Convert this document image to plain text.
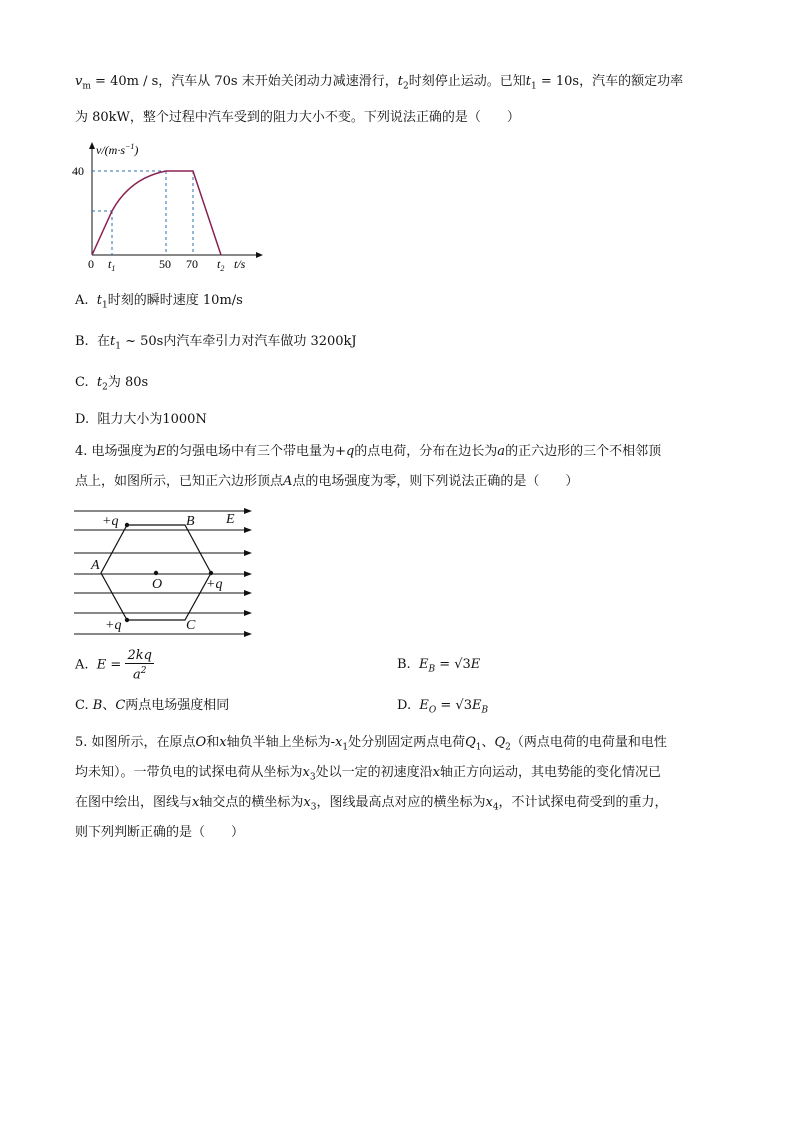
$v_m = 40m / s$，汽车从 70s 末开始关闭动力减速滑行，$t_2$时刻停止运动。已知$t_1 = 10s$，汽车的额定功率
为 80kW，整个过程中汽车受到的阻力大小不变。下列说法正确的是（　　）
$v/(m\cdot s^{-1})$
40
0 $t_1$	50 70 $t_2$ t/s
A. $t_1$时刻的瞬时速度 10m/s
B. 在$t_1$ ~ 50s内汽车牵引力对汽车做功 3200kJ
C. $t_2$为 80s
D. 阻力大小为1000N
4. 电场强度为E的匀强电场中有三个带电量为+q的点电荷，分布在边长为a的正六边形的三个不相邻顶
点上，如图所示，已知正六边形顶点A点的电场强度为零，则下列说法正确的是（　　）
+q	B E
A
O	+q
+q	C
A. $E = \frac{2kq}{a^2}$	B. $E_B = √3E$
C. B、C两点电场强度相同	D. $E_O = √3E_B$
5. 如图所示，在原点O和x轴负半轴上坐标为$-x_1$处分别固定两点电荷$Q_1$、$Q_2$（两点电荷的电荷量和电性
均未知）。一带负电的试探电荷从坐标为$x_3$处以一定的初速度沿x轴正方向运动，其电势能的变化情况已
在图中绘出，图线与x轴交点的横坐标为$x_3$，图线最高点对应的横坐标为$x_4$，不计试探电荷受到的重力，
则下列判断正确的是（　　）
